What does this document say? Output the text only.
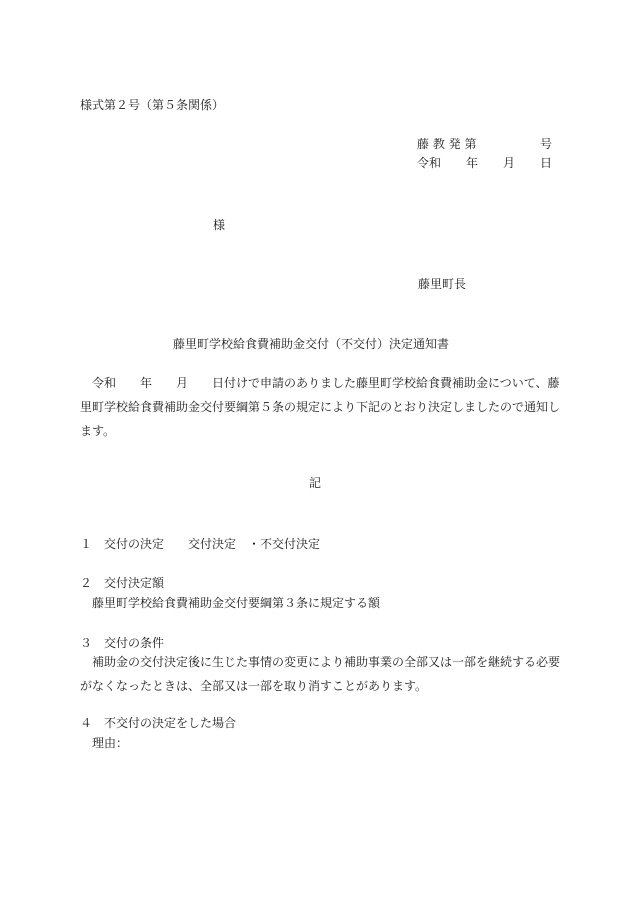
様式第２号（第５条関係）
藤 教 発 第	号
令和 年 月 日
様
藤里町長
藤里町学校給食費補助金交付（不交付）決定通知書
令和　　年　　月　　日付けで申請のありました藤里町学校給食費補助金について、藤里町学校給食費補助金交付要綱第５条の規定により下記のとおり決定しましたので通知します。
記
１　交付の決定　　交付決定　・不交付決定
２　交付決定額
藤里町学校給食費補助金交付要綱第３条に規定する額
３　交付の条件
補助金の交付決定後に生じた事情の変更により補助事業の全部又は一部を継続する必要がなくなったときは、全部又は一部を取り消すことがあります。
４　不交付の決定をした場合
理由：
